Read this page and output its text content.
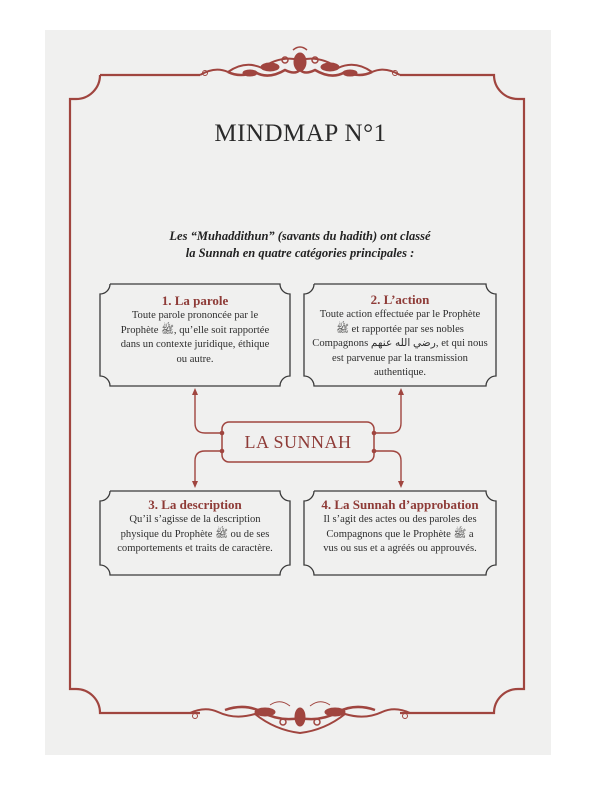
MINDMAP N°1
Les “Muhaddithun” (savants du hadith) ont classé
la Sunnah en quatre catégories principales :
LA SUNNAH
1. La parole

Toute parole prononcée par le
Prophète ﷺ, qu’elle soit rapportée
dans un contexte juridique, éthique
ou autre.

2. L’action

Toute action effectuée par le Prophète
ﷺ et rapportée par ses nobles
Compagnons رضي الله عنهم, et qui nous
est parvenue par la transmission
authentique.

3. La description

Qu’il s’agisse de la description
physique du Prophète ﷺ ou de ses
comportements et traits de caractère.

4. La Sunnah d’approbation

Il s’agit des actes ou des paroles des
Compagnons que le Prophète ﷺ a
vus ou sus et a agréés ou approuvés.
